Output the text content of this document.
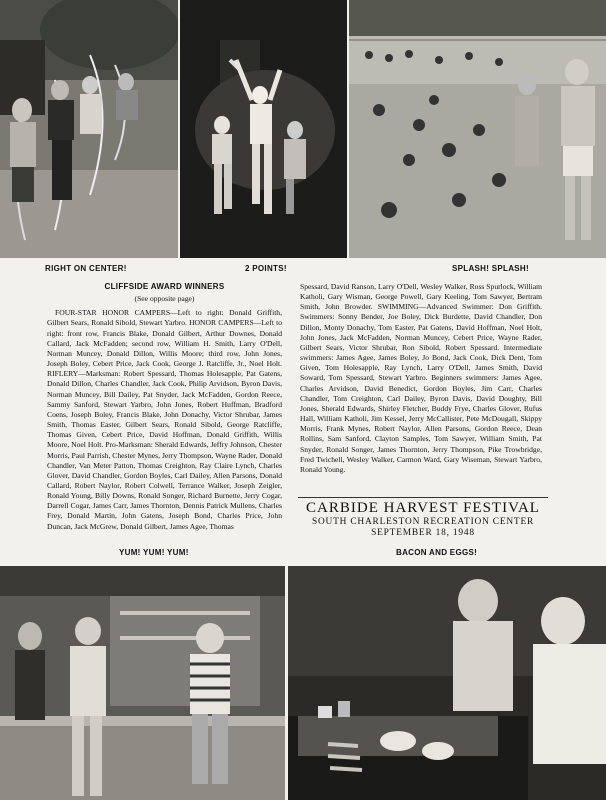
RIGHT ON CENTER!	2 POINTS!	SPLASH! SPLASH!
CLIFFSIDE AWARD WINNERS
(See opposite page)

FOUR-STAR HONOR CAMPERS—Left to right: Donald Griffith, Gilbert Sears, Ronald Sibold, Stewart Yarbro. HONOR CAMPERS—Left to right: front row, Francis Blake, Donald Gilbert, Arthur Downes, Donald Callard, Jack McFadden; second row, William H. Smith, Larry O'Dell, Norman Muncey, Donald Dillon, Willis Moore; third row, John Jones, Joseph Boley, Cebert Price, Jack Cook, George J. Ratcliffe, Jr., Noel Holt. RIFLERY—Marksman: Robert Spessard, Thomas Holesapple, Pat Gatens, Donald Dillon, Charles Chandler, Jack Cook, Philip Arvidson, Byron Davis, Norman Muncey, Bill Dailey, Pat Snyder, Jack McFadden, Gordon Reece, Sammy Sanford, Stewart Yarbro, John Jones, Robert Huffman, Bradford Coens, Joseph Boley, Francis Blake, John Donachy, Victor Shrubar, James Smith, Thomas Easter, Gilbert Sears, Ronald Sibold, George Ratcliffe, Thomas Given, Cebert Price, David Hoffman, Donald Griffith, Willis Moore, Noel Holt. Pro-Marksman: Sherald Edwards, Jeffry Johnson, Chester Morris, Paul Parrish, Chester Mynes, Jerry Thompson, Wayne Rader, Donald Chandler, Van Meter Patton, Thomas Creighton, Ray Claire Lynch, Charles Glover, David Chandler, Gordon Boyles, Carl Dailey, Allen Parsons, Donald Callard, Robert Naylor, Robert Colwell, Terrance Walker, Joseph Zeigler, Ronald Young, Billy Downs, Ronald Songer, Richard Burnette, Jerry Cogar, Darrell Cogar, James Carr, James Thornton, Dennis Patrick Mullens, Charles Frey, Donald Martin, John Gatens, Joseph Bond, Charles Price, John Duncan, Jack McGrew, Donald Gilbert, James Agee, Thomas

Spessard, David Ranson, Larry O'Dell, Wesley Walker, Ross Spurlock, William Katholi, Gary Wisman, George Powell, Gary Keeling, Tom Sawyer, Bertram Smith, John Browder. SWIMMING—Advanced Swimmer: Don Griffith. Swimmers: Sonny Bender, Joe Boley, Dick Burdette, David Chandler, Don Dillon, Monty Donachy, Tom Easter, Pat Gatens, David Hoffman, Noel Holt, John Jones, Jack McFadden, Norman Muncey, Cebert Price, Wayne Rader, Gilbert Sears, Victor Shrubar, Ron Sibold, Robert Spessard. Intermediate swimmers: James Agee, James Boley, Jo Bond, Jack Cook, Dick Dent, Tom Given, Tom Holesapple, Ray Lynch, Larry O'Dell, James Smith, David Soward, Tom Spessard, Stewart Yarbro. Beginners swimmers: James Agee, Charles Arvidson, David Benedict, Gordon Boyles, Jim Carr, Charles Chandler, Tom Creighton, Carl Dailey, Byron Davis, David Doughty, Bill Jones, Sherald Edwards, Shirley Fletcher, Buddy Frye, Charles Glover, Rufus Hall, William Katholi, Jim Kessel, Jerry McCallister, Pete McDougall, Skippy Morris, Frank Mynes, Robert Naylor, Allen Parsons, Gordon Reece, Dean Rollins, Sam Sanford, Clayton Samples, Tom Sawyer, William Smith, Pat Snyder, Ronald Songer, James Thornton, Jerry Thompson, Pike Trowbridge, Fred Twichell, Wesley Walker, Carmon Ward, Gary Wiseman, Stewart Yarbro, Ronald Young.

CARBIDE HARVEST FESTIVAL
SOUTH CHARLESTON RECREATION CENTER
SEPTEMBER 18, 1948
YUM! YUM! YUM!	BACON AND EGGS!
